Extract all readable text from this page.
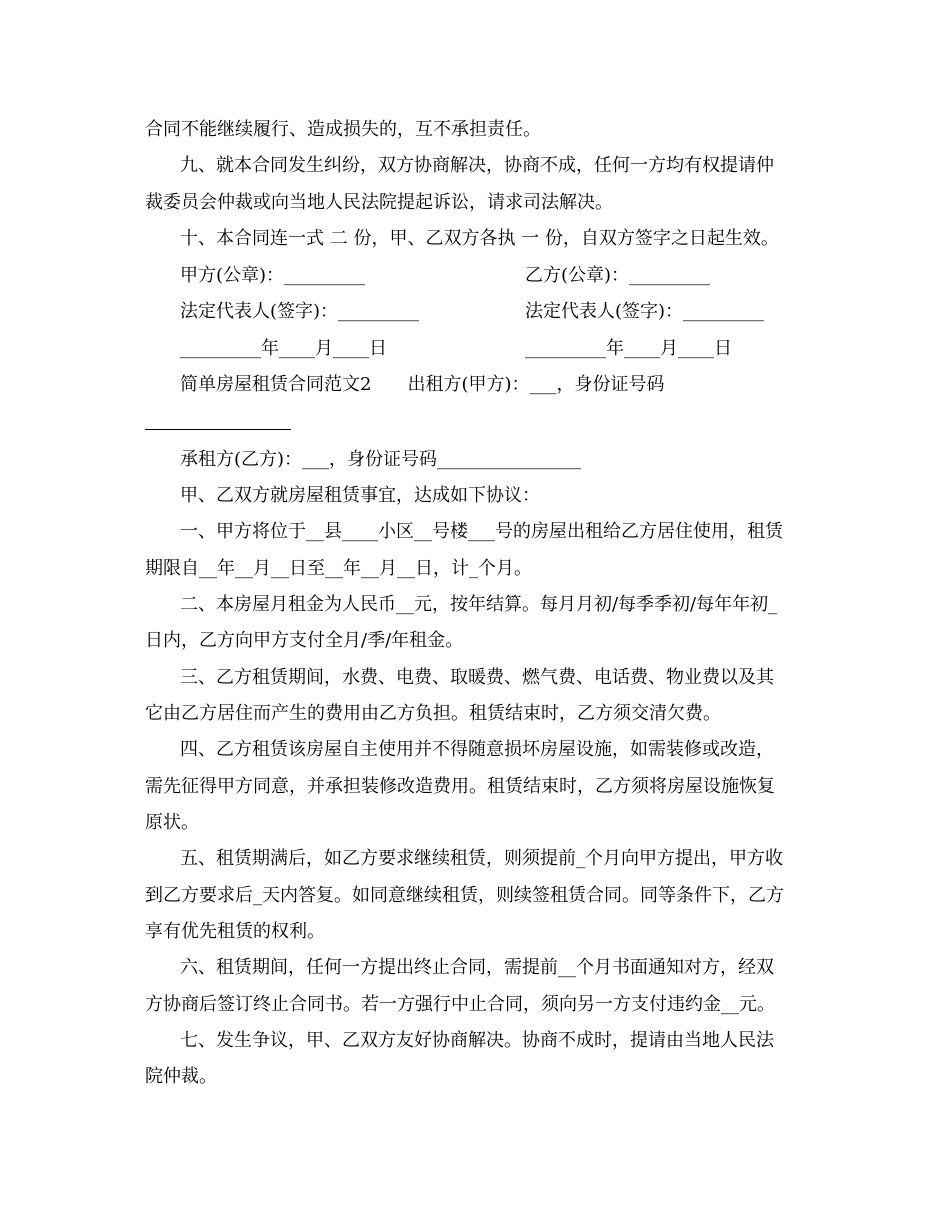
合同不能继续履行、造成损失的，互不承担责任。
九、就本合同发生纠纷，双方协商解决，协商不成，任何一方均有权提请仲
裁委员会仲裁或向当地人民法院提起诉讼，请求司法解决。
十、本合同连一式 二 份，甲、乙双方各执 一 份，自双方签字之日起生效。
甲方(公章)：_________	乙方(公章)：_________
法定代表人(签字)：_________	法定代表人(签字)：_________
_________年____月____日	_________年____月____日
简单房屋租赁合同范文2　　出租方(甲方)：___，身份证号码
承租方(乙方)：___，身份证号码________________
甲、乙双方就房屋租赁事宜，达成如下协议：
一、甲方将位于__县____小区__号楼___号的房屋出租给乙方居住使用，租赁
期限自__年__月__日至__年__月__日，计_个月。
二、本房屋月租金为人民币__元，按年结算。每月月初/每季季初/每年年初_
日内，乙方向甲方支付全月/季/年租金。
三、乙方租赁期间，水费、电费、取暖费、燃气费、电话费、物业费以及其
它由乙方居住而产生的费用由乙方负担。租赁结束时，乙方须交清欠费。
四、乙方租赁该房屋自主使用并不得随意损坏房屋设施，如需装修或改造，
需先征得甲方同意，并承担装修改造费用。租赁结束时，乙方须将房屋设施恢复
原状。
五、租赁期满后，如乙方要求继续租赁，则须提前_个月向甲方提出，甲方收
到乙方要求后_天内答复。如同意继续租赁，则续签租赁合同。同等条件下，乙方
享有优先租赁的权利。
六、租赁期间，任何一方提出终止合同，需提前__个月书面通知对方，经双
方协商后签订终止合同书。若一方强行中止合同，须向另一方支付违约金__元。
七、发生争议，甲、乙双方友好协商解决。协商不成时，提请由当地人民法
院仲裁。
